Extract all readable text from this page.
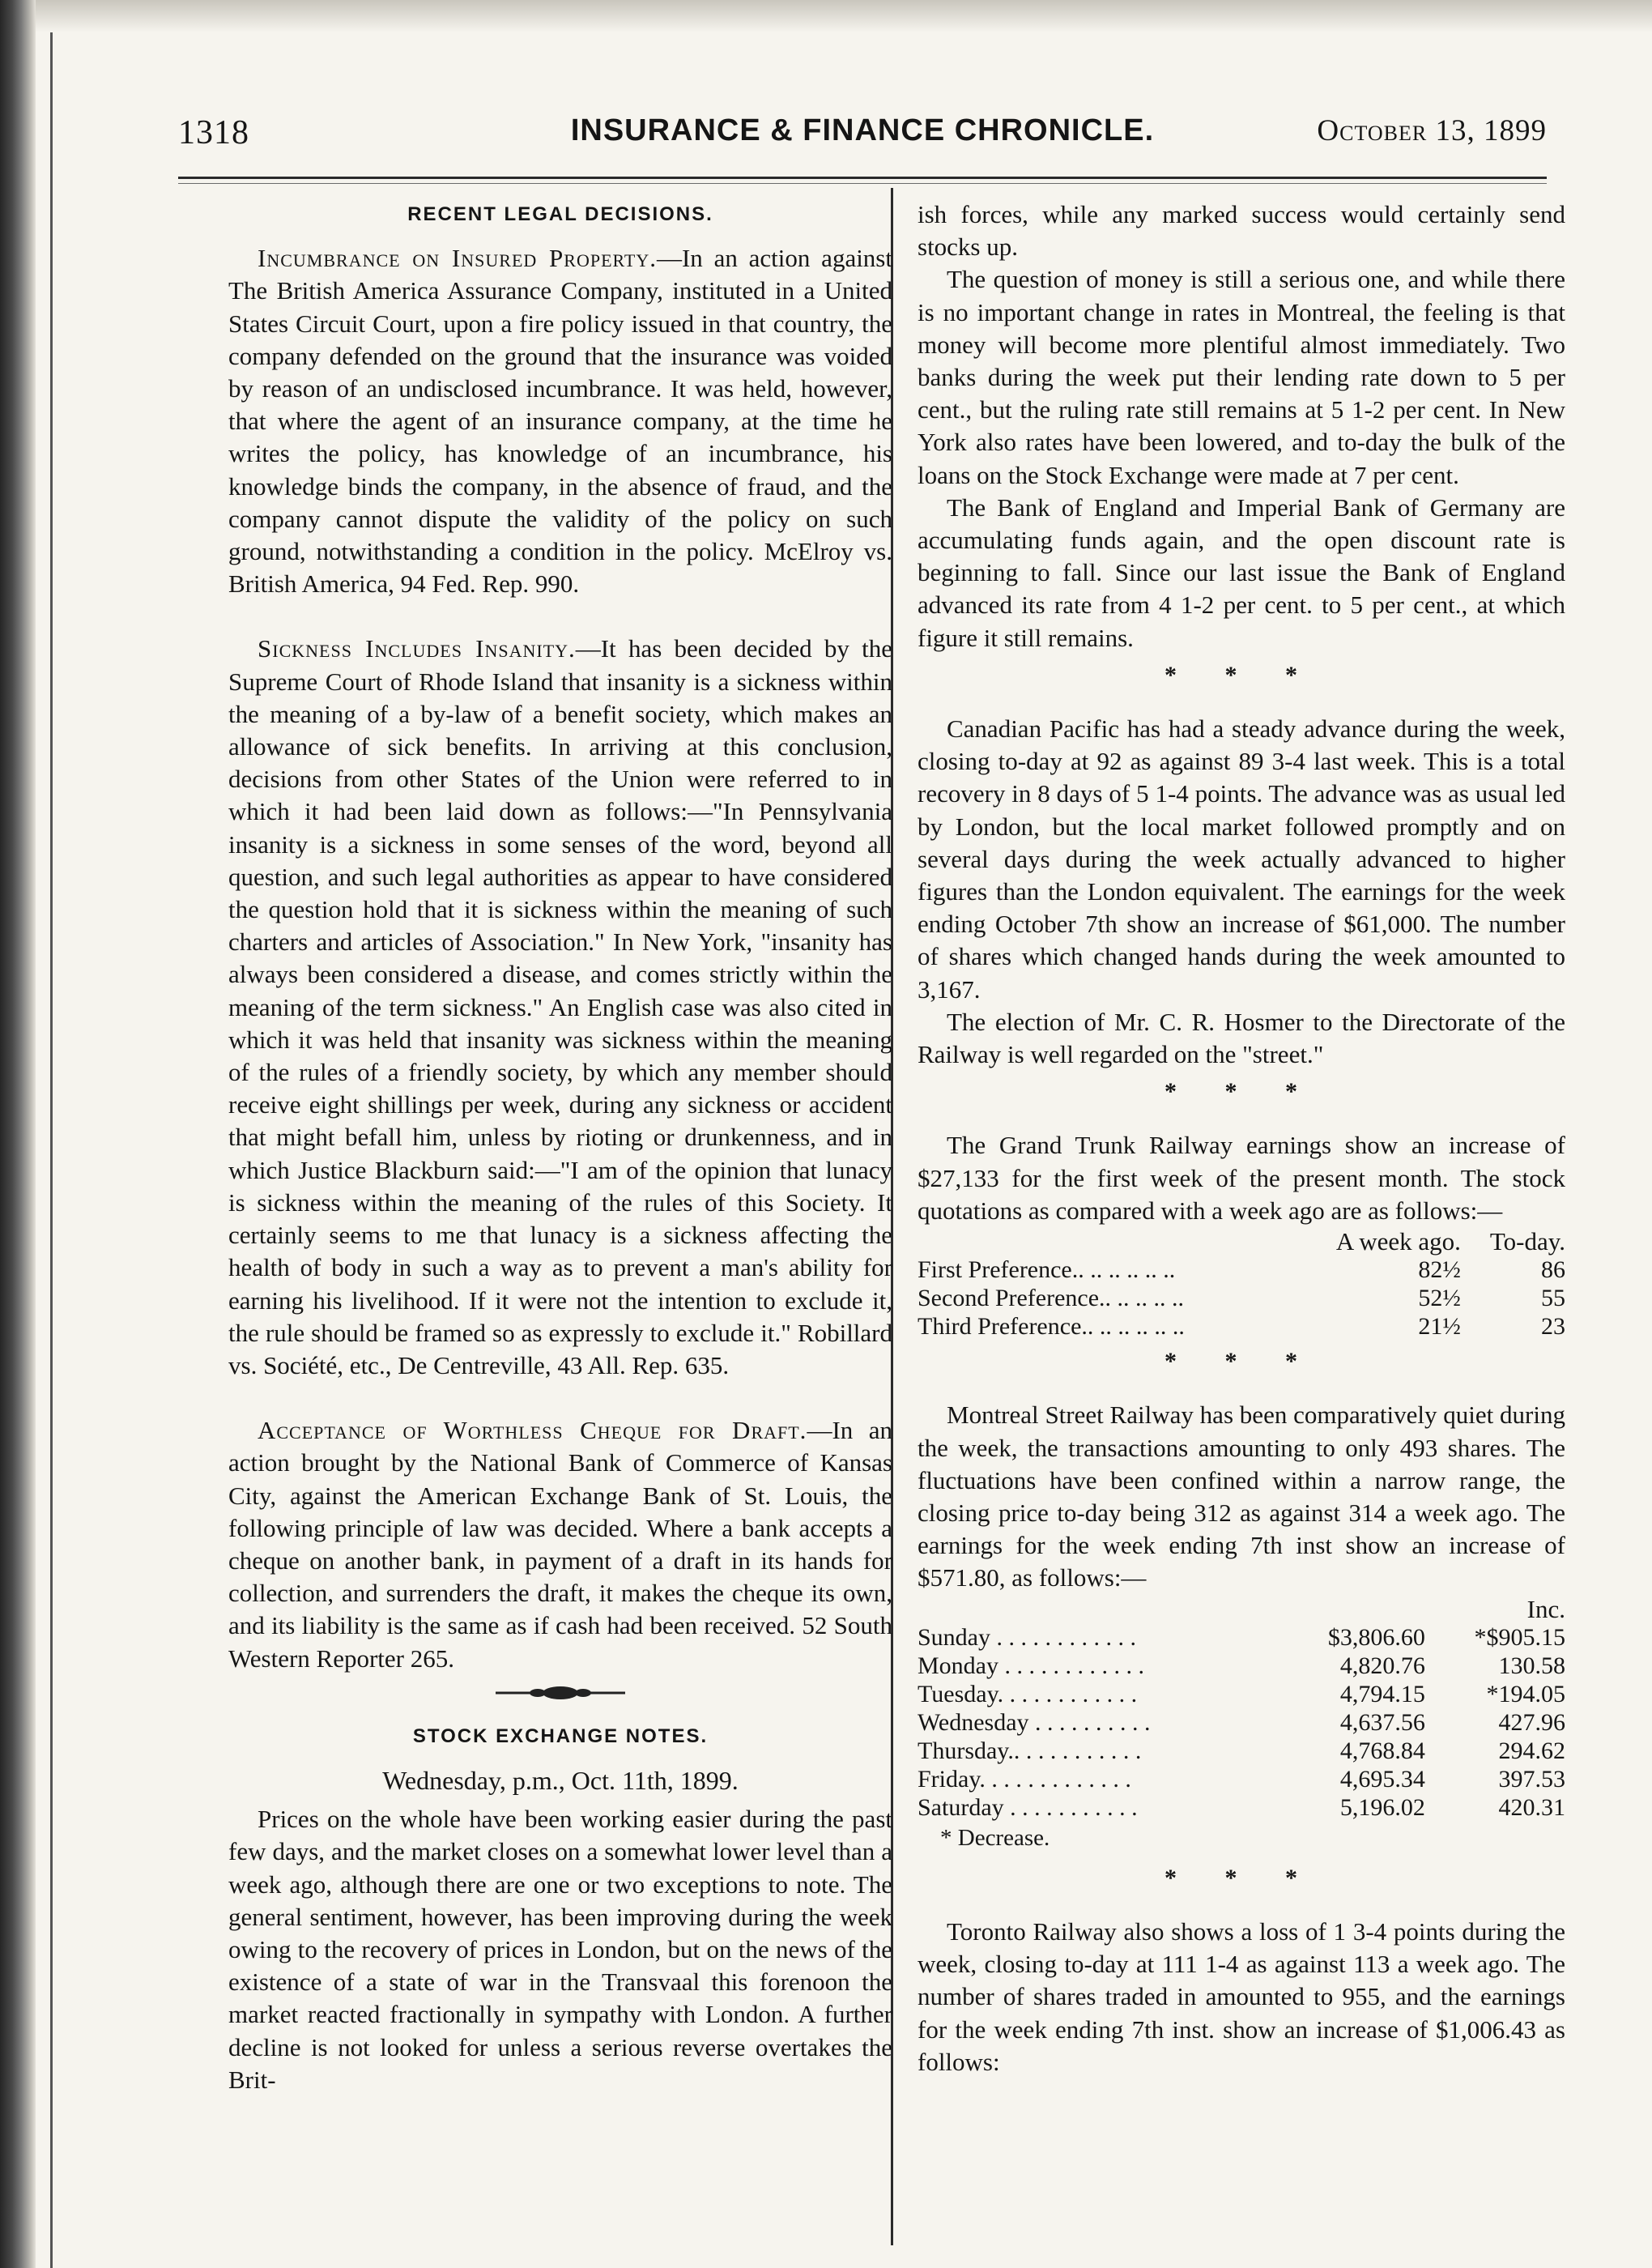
1318	INSURANCE & FINANCE CHRONICLE.	October 13, 1899
RECENT LEGAL DECISIONS.

Incumbrance on Insured Property.—In an action against The British America Assurance Company, instituted in a United States Circuit Court, upon a fire policy issued in that country, the company defended on the ground that the insurance was voided by reason of an undisclosed incumbrance. It was held, however, that where the agent of an insurance company, at the time he writes the policy, has knowledge of an incumbrance, his knowledge binds the company, in the absence of fraud, and the company cannot dispute the validity of the policy on such ground, notwithstanding a condition in the policy. McElroy vs. British America, 94 Fed. Rep. 990.

Sickness Includes Insanity.—It has been decided by the Supreme Court of Rhode Island that insanity is a sickness within the meaning of a by-law of a benefit society, which makes an allowance of sick benefits. In arriving at this conclusion, decisions from other States of the Union were referred to in which it had been laid down as follows:—"In Pennsylvania insanity is a sickness in some senses of the word, beyond all question, and such legal authorities as appear to have considered the question hold that it is sickness within the meaning of such charters and articles of Association." In New York, "insanity has always been considered a disease, and comes strictly within the meaning of the term sickness." An English case was also cited in which it was held that insanity was sickness within the meaning of the rules of a friendly society, by which any member should receive eight shillings per week, during any sickness or accident that might befall him, unless by rioting or drunkenness, and in which Justice Blackburn said:—"I am of the opinion that lunacy is sickness within the meaning of the rules of this Society. It certainly seems to me that lunacy is a sickness affecting the health of body in such a way as to prevent a man's ability for earning his livelihood. If it were not the intention to exclude it, the rule should be framed so as expressly to exclude it." Robillard vs. Société, etc., De Centreville, 43 All. Rep. 635.

Acceptance of Worthless Cheque for Draft.—In an action brought by the National Bank of Commerce of Kansas City, against the American Exchange Bank of St. Louis, the following principle of law was decided. Where a bank accepts a cheque on another bank, in payment of a draft in its hands for collection, and surrenders the draft, it makes the cheque its own, and its liability is the same as if cash had been received. 52 South Western Reporter 265.

STOCK EXCHANGE NOTES.
Wednesday, p.m., Oct. 11th, 1899.

Prices on the whole have been working easier during the past few days, and the market closes on a somewhat lower level than a week ago, although there are one or two exceptions to note. The general sentiment, however, has been improving during the week owing to the recovery of prices in London, but on the news of the existence of a state of war in the Transvaal this forenoon the market reacted fractionally in sympathy with London. A further decline is not looked for unless a serious reverse overtakes the Brit-

ish forces, while any marked success would certainly send stocks up.

The question of money is still a serious one, and while there is no important change in rates in Montreal, the feeling is that money will become more plentiful almost immediately. Two banks during the week put their lending rate down to 5 per cent., but the ruling rate still remains at 5 1-2 per cent. In New York also rates have been lowered, and to-day the bulk of the loans on the Stock Exchange were made at 7 per cent.

The Bank of England and Imperial Bank of Germany are accumulating funds again, and the open discount rate is beginning to fall. Since our last issue the Bank of England advanced its rate from 4 1-2 per cent. to 5 per cent., at which figure it still remains.

* * *

Canadian Pacific has had a steady advance during the week, closing to-day at 92 as against 89 3-4 last week. This is a total recovery in 8 days of 5 1-4 points. The advance was as usual led by London, but the local market followed promptly and on several days during the week actually advanced to higher figures than the London equivalent. The earnings for the week ending October 7th show an increase of $61,000. The number of shares which changed hands during the week amounted to 3,167.

The election of Mr. C. R. Hosmer to the Directorate of the Railway is well regarded on the "street."

* * *

The Grand Trunk Railway earnings show an increase of $27,133 for the first week of the present month. The stock quotations as compared with a week ago are as follows:—

	A week ago.	To-day.
First Preference.. .. .. .. .. ..	82½	86
Second Preference.. .. .. .. ..	52½	55
Third Preference.. .. .. .. .. ..	21½	23
* * *

Montreal Street Railway has been comparatively quiet during the week, the transactions amounting to only 493 shares. The fluctuations have been confined within a narrow range, the closing price to-day being 312 as against 314 a week ago. The earnings for the week ending 7th inst show an increase of $571.80, as follows:—

		Inc.
Sunday . . . . . . . . . . . .	$3,806.60	*$905.15
Monday . . . . . . . . . . . .	4,820.76	130.58
Tuesday. . . . . . . . . . . .	4,794.15	*194.05
Wednesday . . . . . . . . . .	4,637.56	427.96
Thursday.. . . . . . . . . . .	4,768.84	294.62
Friday. . . . . . . . . . . . .	4,695.34	397.53
Saturday . . . . . . . . . . .	5,196.02	420.31
* Decrease.
* * *

Toronto Railway also shows a loss of 1 3-4 points during the week, closing to-day at 111 1-4 as against 113 a week ago. The number of shares traded in amounted to 955, and the earnings for the week ending 7th inst. show an increase of $1,006.43 as follows:
